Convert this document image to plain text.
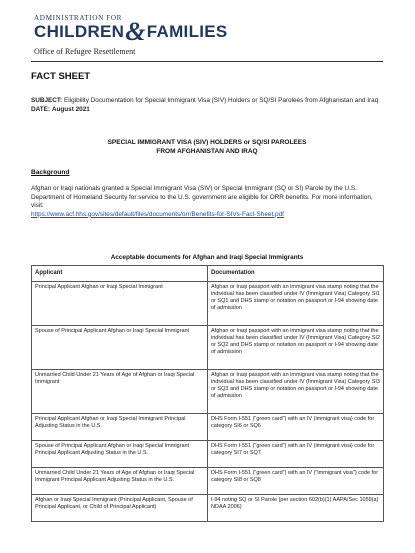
ADMINISTRATION FOR
CHILDREN&FAMILIES
Office of Refugee Resettlement
FACT SHEET
SUBJECT: Eligibility Documentation for Special Immigrant Visa (SIV) Holders or SQ/SI Parolees from Afghanistan and Iraq
DATE: August 2021
SPECIAL IMMIGRANT VISA (SIV) HOLDERS or SQ/SI PAROLEES
FROM AFGHANISTAN AND IRAQ
Background
Afghan or Iraqi nationals granted a Special Immigrant Visa (SIV) or Special Immigrant (SQ or SI) Parole by the U.S. Department of Homeland Security for service to the U.S. government are eligible for ORR benefits. For more information, visit:
https://www.acf.hhs.gov/sites/default/files/documents/orr/Benefits-for-SIVs-Fact-Sheet.pdf
Acceptable documents for Afghan and Iraqi Special Immigrants
Applicant	Documentation
Principal Applicant Afghan or Iraqi Special Immigrant	Afghan or Iraqi passport with an immigrant visa stamp noting that the individual has been classified under IV (Immigrant Visa) Category SI1 or SQ1 and DHS stamp or notation on passport or I-94 showing date of admission
Spouse of Principal Applicant Afghan or Iraqi Special Immigrant	Afghan or Iraqi passport with an immigrant visa stamp noting that the individual has been classified under IV (Immigrant Visa) Category SI2 or SQ2 and DHS stamp or notation on passport or I-94 showing date of admission
Unmarried Child Under 21 Years of Age of Afghan or Iraqi Special Immigrant	Afghan or Iraqi passport with an immigrant visa stamp noting that the individual has been classified under IV (Immigrant Visa) Category SI3 or SQ3 and DHS stamp or notation on passport or I-94 showing date of admission
Principal Applicant Afghan or Iraqi Special Immigrant Principal Adjusting Status in the U.S.	DHS Form I-551 ("green card") with an IV (immigrant visa) code for category SI6 or SQ6
Spouse of Principal Applicant Afghan or Iraqi Special Immigrant Principal Applicant Adjusting Status in the U.S.	DHS Form I-551 ("green card") with an IV (immigrant visa) code for category SI7 or SQ7
Unmarried Child Under 21 Years of Age of Afghan or Iraqi Special Immigrant Principal Applicant Adjusting Status in the U.S.	DHS Form I-551 ("green card") with an IV ("immigrant visa") code for category SI8 or SQ8
Afghan or Iraqi Special Immigrant (Principal Applicant, Spouse of Principal Applicant, or Child of Principal Applicant)	I-94 noting SQ or SI Parole (per section 602(b)(1) AAPA/Sec 1059(a) NDAA 2006)
